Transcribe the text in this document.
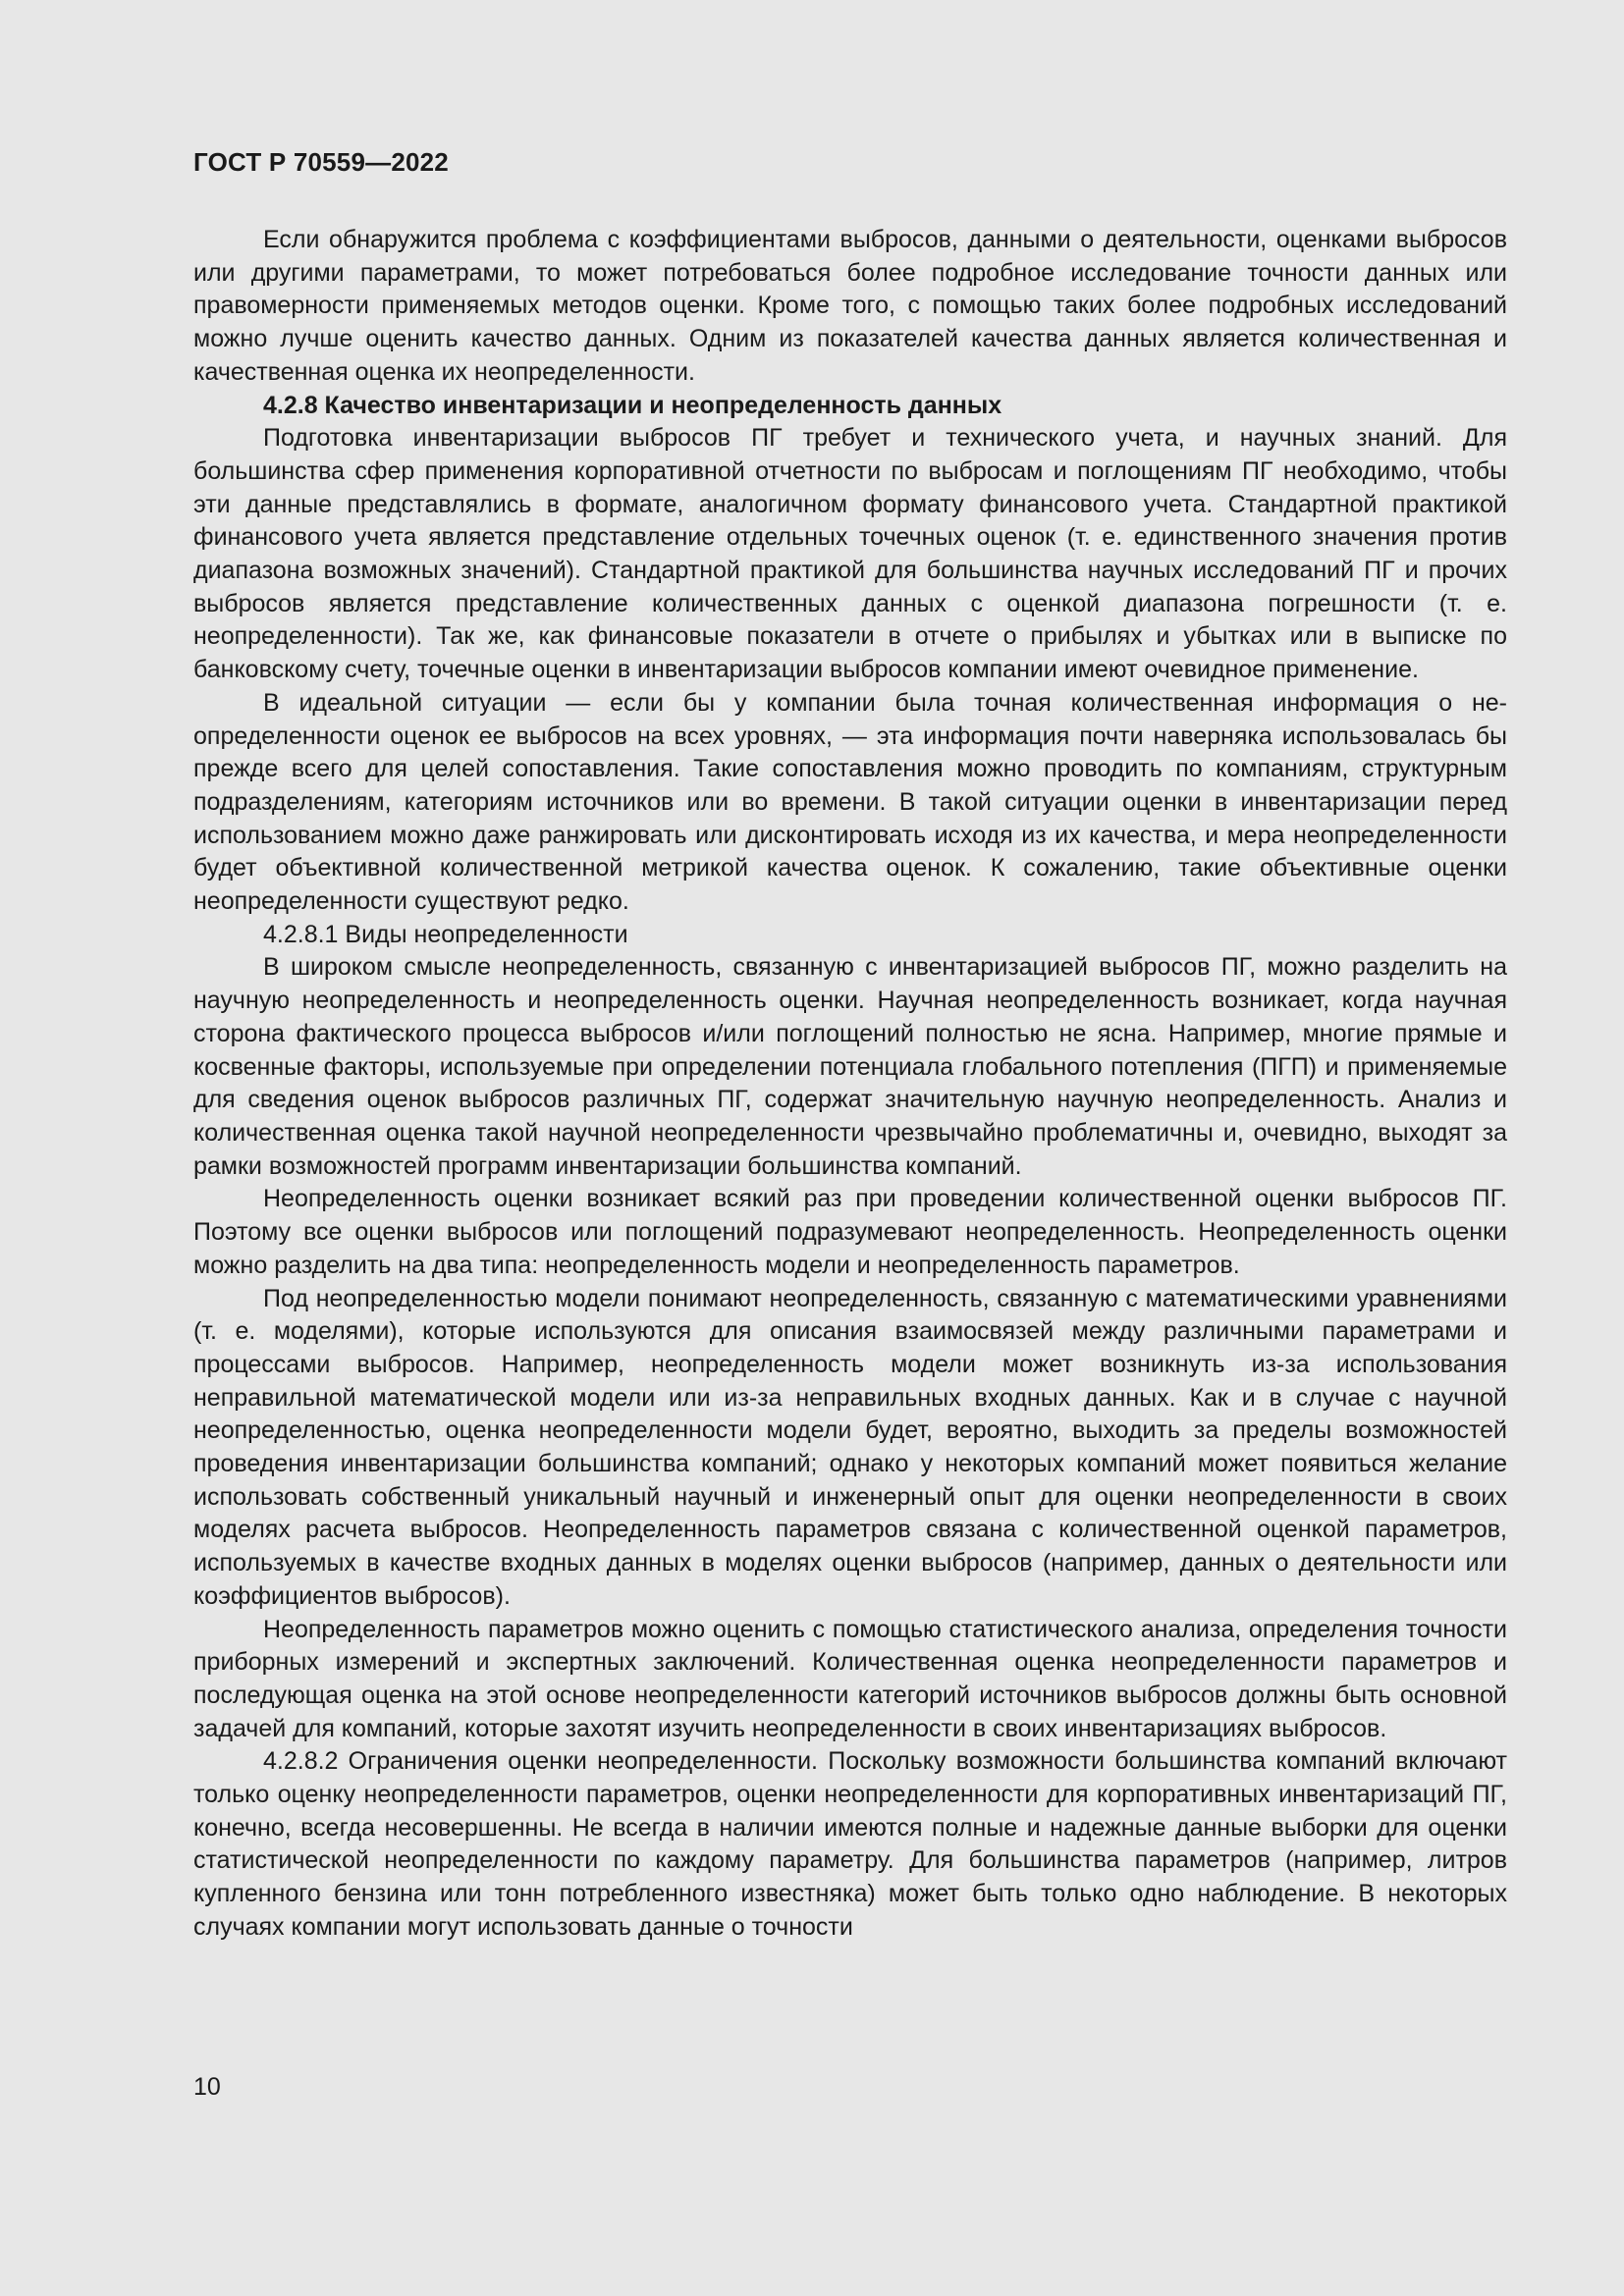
ГОСТ Р 70559—2022

Если обнаружится проблема с коэффициентами выбросов, данными о деятельности, оценками выбросов или другими параметрами, то может потребоваться более подробное исследование точности данных или правомерности применяемых методов оценки. Кроме того, с помощью таких более подробных исследований можно лучше оценить качество данных. Одним из показателей качества данных является количественная и качественная оценка их неопределенности.

4.2.8 Качество инвентаризации и неопределенность данных

Подготовка инвентаризации выбросов ПГ требует и технического учета, и научных знаний. Для большинства сфер применения корпоративной отчетности по выбросам и поглощениям ПГ необходимо, чтобы эти данные представлялись в формате, аналогичном формату финансового учета. Стандартной практикой финансового учета является представление отдельных точечных оценок (т. е. единственного значения против диапазона возможных значений). Стандартной практикой для большинства научных исследований ПГ и прочих выбросов является представление количественных данных с оценкой диапазона погрешности (т. е. неопределенности). Так же, как финансовые показатели в отчете о прибылях и убытках или в выписке по банковскому счету, точечные оценки в инвентаризации выбросов компании имеют очевидное применение.

В идеальной ситуации — если бы у компании была точная количественная информация о неопределенности оценок ее выбросов на всех уровнях, — эта информация почти наверняка использовалась бы прежде всего для целей сопоставления. Такие сопоставления можно проводить по компаниям, структурным подразделениям, категориям источников или во времени. В такой ситуации оценки в инвентаризации перед использованием можно даже ранжировать или дисконтировать исходя из их качества, и мера неопределенности будет объективной количественной метрикой качества оценок. К сожалению, такие объективные оценки неопределенности существуют редко.

4.2.8.1 Виды неопределенности

В широком смысле неопределенность, связанную с инвентаризацией выбросов ПГ, можно разделить на научную неопределенность и неопределенность оценки. Научная неопределенность возникает, когда научная сторона фактического процесса выбросов и/или поглощений полностью не ясна. Например, многие прямые и косвенные факторы, используемые при определении потенциала глобального потепления (ПГП) и применяемые для сведения оценок выбросов различных ПГ, содержат значительную научную неопределенность. Анализ и количественная оценка такой научной неопределенности чрезвычайно проблематичны и, очевидно, выходят за рамки возможностей программ инвентаризации большинства компаний.

Неопределенность оценки возникает всякий раз при проведении количественной оценки выбросов ПГ. Поэтому все оценки выбросов или поглощений подразумевают неопределенность. Неопределенность оценки можно разделить на два типа: неопределенность модели и неопределенность параметров.

Под неопределенностью модели понимают неопределенность, связанную с математическими уравнениями (т. е. моделями), которые используются для описания взаимосвязей между различными параметрами и процессами выбросов. Например, неопределенность модели может возникнуть из-за использования неправильной математической модели или из-за неправильных входных данных. Как и в случае с научной неопределенностью, оценка неопределенности модели будет, вероятно, выходить за пределы возможностей проведения инвентаризации большинства компаний; однако у некоторых компаний может появиться желание использовать собственный уникальный научный и инженерный опыт для оценки неопределенности в своих моделях расчета выбросов. Неопределенность параметров связана с количественной оценкой параметров, используемых в качестве входных данных в моделях оценки выбросов (например, данных о деятельности или коэффициентов выбросов).

Неопределенность параметров можно оценить с помощью статистического анализа, определения точности приборных измерений и экспертных заключений. Количественная оценка неопределенности параметров и последующая оценка на этой основе неопределенности категорий источников выбросов должны быть основной задачей для компаний, которые захотят изучить неопределенности в своих инвентаризациях выбросов.

4.2.8.2 Ограничения оценки неопределенности. Поскольку возможности большинства компаний включают только оценку неопределенности параметров, оценки неопределенности для корпоративных инвентаризаций ПГ, конечно, всегда несовершенны. Не всегда в наличии имеются полные и надежные данные выборки для оценки статистической неопределенности по каждому параметру. Для большинства параметров (например, литров купленного бензина или тонн потребленного известняка) может быть только одно наблюдение. В некоторых случаях компании могут использовать данные о точности

10
